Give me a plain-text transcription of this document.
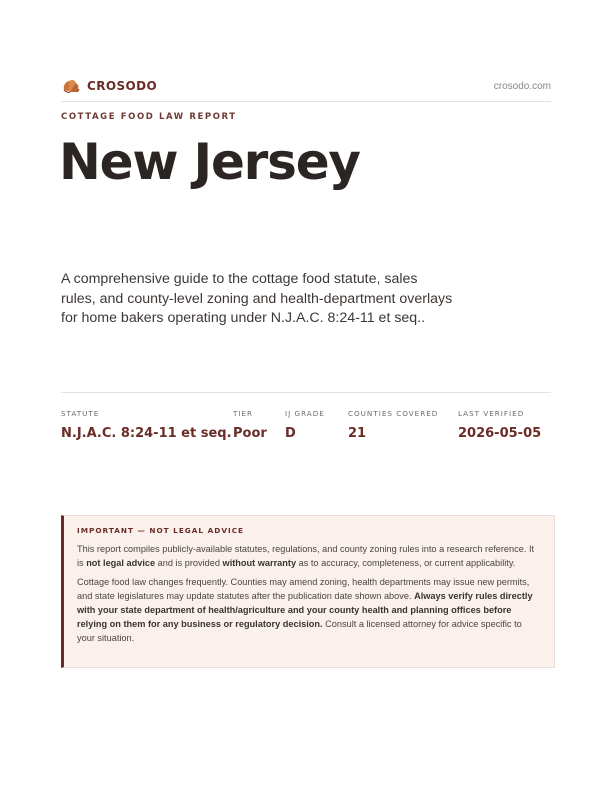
CROSODO	crosodo.com
COTTAGE FOOD LAW REPORT
New Jersey
A comprehensive guide to the cottage food statute, sales rules, and county-level zoning and health-department overlays for home bakers operating under N.J.A.C. 8:24-11 et seq..
STATUTE
N.J.A.C. 8:24-11 et seq.
TIER
Poor
IJ GRADE
D
COUNTIES COVERED
21
LAST VERIFIED
2026-05-05
IMPORTANT — NOT LEGAL ADVICE

This report compiles publicly-available statutes, regulations, and county zoning rules into a research reference. It is not legal advice and is provided without warranty as to accuracy, completeness, or current applicability.

Cottage food law changes frequently. Counties may amend zoning, health departments may issue new permits, and state legislatures may update statutes after the publication date shown above. Always verify rules directly with your state department of health/agriculture and your county health and planning offices before relying on them for any business or regulatory decision. Consult a licensed attorney for advice specific to your situation.
